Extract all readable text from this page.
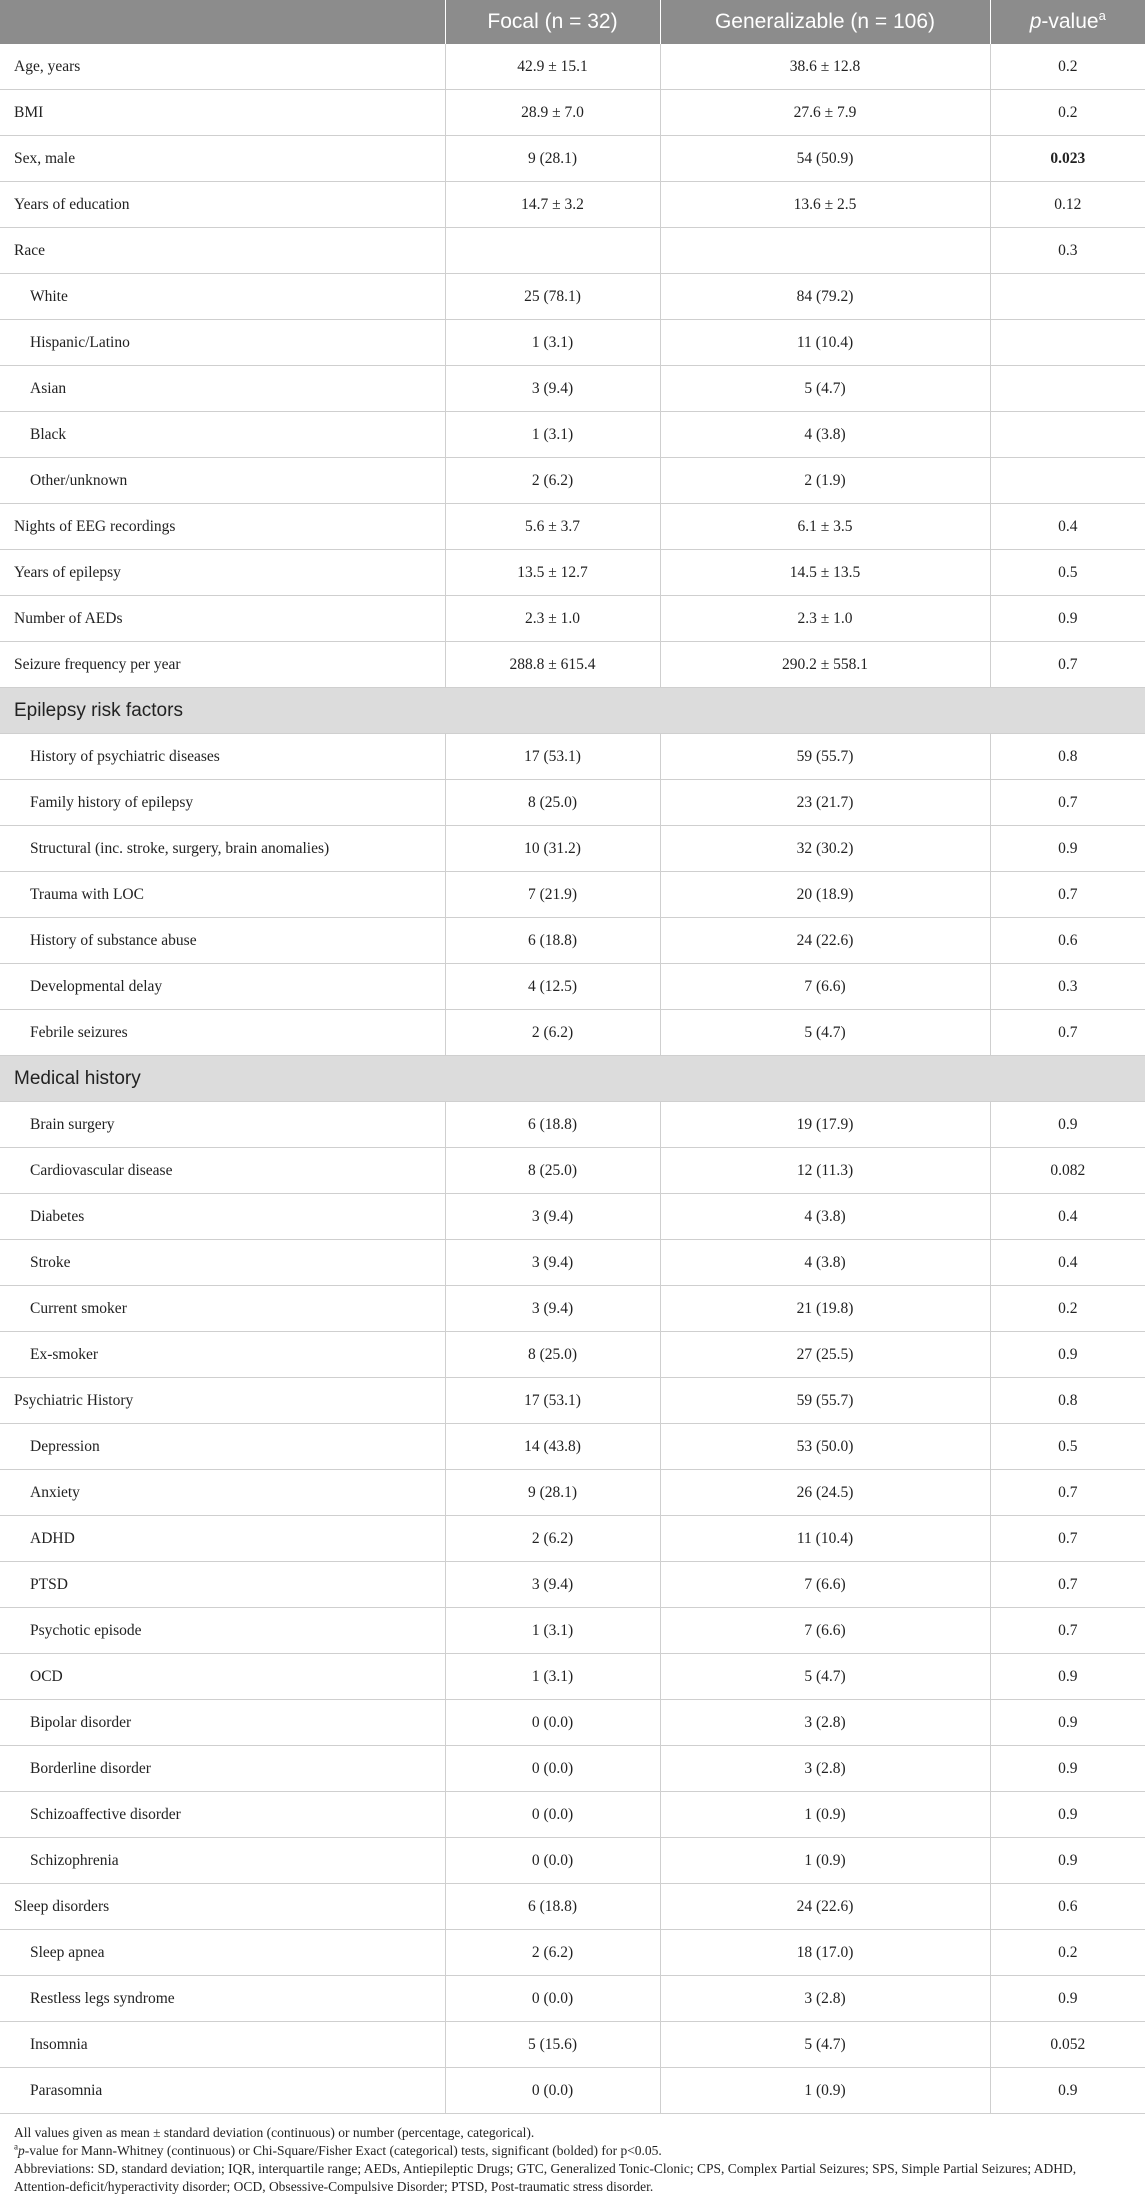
	Focal (n = 32)	Generalizable (n = 106)	p-value$^a$
Age, years	42.9 ± 15.1	38.6 ± 12.8	0.2
BMI	28.9 ± 7.0	27.6 ± 7.9	0.2
Sex, male	9 (28.1)	54 (50.9)	0.023
Years of education	14.7 ± 3.2	13.6 ± 2.5	0.12
Race			0.3
White	25 (78.1)	84 (79.2)	
Hispanic/Latino	1 (3.1)	11 (10.4)	
Asian	3 (9.4)	5 (4.7)	
Black	1 (3.1)	4 (3.8)	
Other/unknown	2 (6.2)	2 (1.9)	
Nights of EEG recordings	5.6 ± 3.7	6.1 ± 3.5	0.4
Years of epilepsy	13.5 ± 12.7	14.5 ± 13.5	0.5
Number of AEDs	2.3 ± 1.0	2.3 ± 1.0	0.9
Seizure frequency per year	288.8 ± 615.4	290.2 ± 558.1	0.7
Epilepsy risk factors			
History of psychiatric diseases	17 (53.1)	59 (55.7)	0.8
Family history of epilepsy	8 (25.0)	23 (21.7)	0.7
Structural (inc. stroke, surgery, brain anomalies)	10 (31.2)	32 (30.2)	0.9
Trauma with LOC	7 (21.9)	20 (18.9)	0.7
History of substance abuse	6 (18.8)	24 (22.6)	0.6
Developmental delay	4 (12.5)	7 (6.6)	0.3
Febrile seizures	2 (6.2)	5 (4.7)	0.7
Medical history			
Brain surgery	6 (18.8)	19 (17.9)	0.9
Cardiovascular disease	8 (25.0)	12 (11.3)	0.082
Diabetes	3 (9.4)	4 (3.8)	0.4
Stroke	3 (9.4)	4 (3.8)	0.4
Current smoker	3 (9.4)	21 (19.8)	0.2
Ex-smoker	8 (25.0)	27 (25.5)	0.9
Psychiatric History	17 (53.1)	59 (55.7)	0.8
Depression	14 (43.8)	53 (50.0)	0.5
Anxiety	9 (28.1)	26 (24.5)	0.7
ADHD	2 (6.2)	11 (10.4)	0.7
PTSD	3 (9.4)	7 (6.6)	0.7
Psychotic episode	1 (3.1)	7 (6.6)	0.7
OCD	1 (3.1)	5 (4.7)	0.9
Bipolar disorder	0 (0.0)	3 (2.8)	0.9
Borderline disorder	0 (0.0)	3 (2.8)	0.9
Schizoaffective disorder	0 (0.0)	1 (0.9)	0.9
Schizophrenia	0 (0.0)	1 (0.9)	0.9
Sleep disorders	6 (18.8)	24 (22.6)	0.6
Sleep apnea	2 (6.2)	18 (17.0)	0.2
Restless legs syndrome	0 (0.0)	3 (2.8)	0.9
Insomnia	5 (15.6)	5 (4.7)	0.052
Parasomnia	0 (0.0)	1 (0.9)	0.9

All values given as mean ± standard deviation (continuous) or number (percentage, categorical).

$^a$p-value for Mann-Whitney (continuous) or Chi-Square/Fisher Exact (categorical) tests, significant (bolded) for p<0.05.

Abbreviations: SD, standard deviation; IQR, interquartile range; AEDs, Antiepileptic Drugs; GTC, Generalized Tonic-Clonic; CPS, Complex Partial Seizures; SPS, Simple Partial Seizures; ADHD, Attention-deficit/hyperactivity disorder; OCD, Obsessive-Compulsive Disorder; PTSD, Post-traumatic stress disorder.
